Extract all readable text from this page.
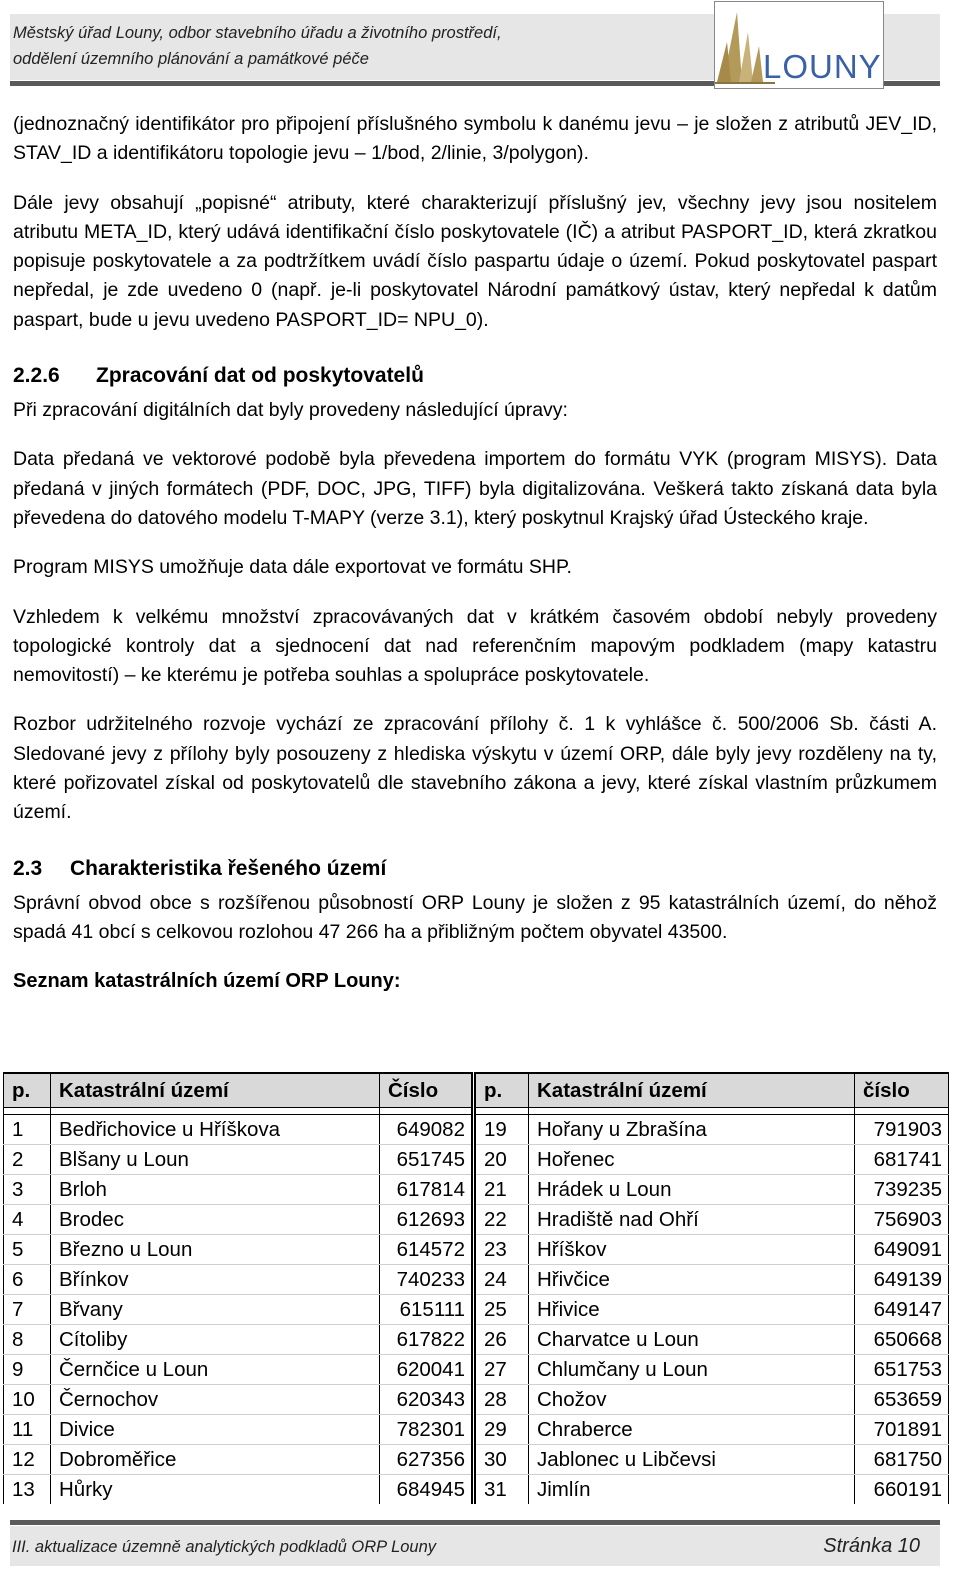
Městský úřad Louny, odbor stavebního úřadu a životního prostředí,
oddělení územního plánování a památkové péče	LOUNY

(jednoznačný identifikátor pro připojení příslušného symbolu k danému jevu – je složen z atributů JEV_ID, STAV_ID a identifikátoru topologie jevu – 1/bod, 2/linie, 3/polygon).

Dále jevy obsahují „popisné“ atributy, které charakterizují příslušný jev, všechny jevy jsou nositelem atributu META_ID, který udává identifikační číslo poskytovatele (IČ) a atribut PASPORT_ID, která zkratkou popisuje poskytovatele a za podtržítkem uvádí číslo paspartu údaje o území. Pokud poskytovatel paspart nepředal, je zde uvedeno 0 (např. je-li poskytovatel Národní památkový ústav, který nepředal k datům paspart, bude u jevu uvedeno PASPORT_ID= NPU_0).

2.2.6 Zpracování dat od poskytovatelů

Při zpracování digitálních dat byly provedeny následující úpravy:

Data předaná ve vektorové podobě byla převedena importem do formátu VYK (program MISYS). Data předaná v jiných formátech (PDF, DOC, JPG, TIFF) byla digitalizována. Veškerá takto získaná data byla převedena do datového modelu T-MAPY (verze 3.1), který poskytnul Krajský úřad Ústeckého kraje.

Program MISYS umožňuje data dále exportovat ve formátu SHP.

Vzhledem k velkému množství zpracovávaných dat v krátkém časovém období nebyly provedeny topologické kontroly dat a sjednocení dat nad referenčním mapovým podkladem (mapy katastru nemovitostí) – ke kterému je potřeba souhlas a spolupráce poskytovatele.

Rozbor udržitelného rozvoje vychází ze zpracování přílohy č. 1 k vyhlášce č. 500/2006 Sb. části A. Sledované jevy z přílohy byly posouzeny z hlediska výskytu v území ORP, dále byly jevy rozděleny na ty, které pořizovatel získal od poskytovatelů dle stavebního zákona a jevy, které získal vlastním průzkumem území.

2.3 Charakteristika řešeného území

Správní obvod obce s rozšířenou působností ORP Louny je složen z 95 katastrálních území, do něhož spadá 41 obcí s celkovou rozlohou 47 266 ha a přibližným počtem obyvatel 43500.

Seznam katastrálních území ORP Louny:

p.	Katastrální území	Číslo	p.	Katastrální území	číslo

1	Bedřichovice u Hříškova	649082	19	Hořany u Zbrašína	791903
2	Blšany u Loun	651745	20	Hořenec	681741
3	Brloh	617814	21	Hrádek u Loun	739235
4	Brodec	612693	22	Hradiště nad Ohří	756903
5	Březno u Loun	614572	23	Hříškov	649091
6	Břínkov	740233	24	Hřivčice	649139
7	Břvany	615111	25	Hřivice	649147
8	Cítoliby	617822	26	Charvatce u Loun	650668
9	Černčice u Loun	620041	27	Chlumčany u Loun	651753
10	Černochov	620343	28	Chožov	653659
11	Divice	782301	29	Chraberce	701891
12	Dobroměřice	627356	30	Jablonec u Libčevsi	681750
13	Hůrky	684945	31	Jimlín	660191
III. aktualizace územně analytických podkladů ORP Louny	Stránka 10
